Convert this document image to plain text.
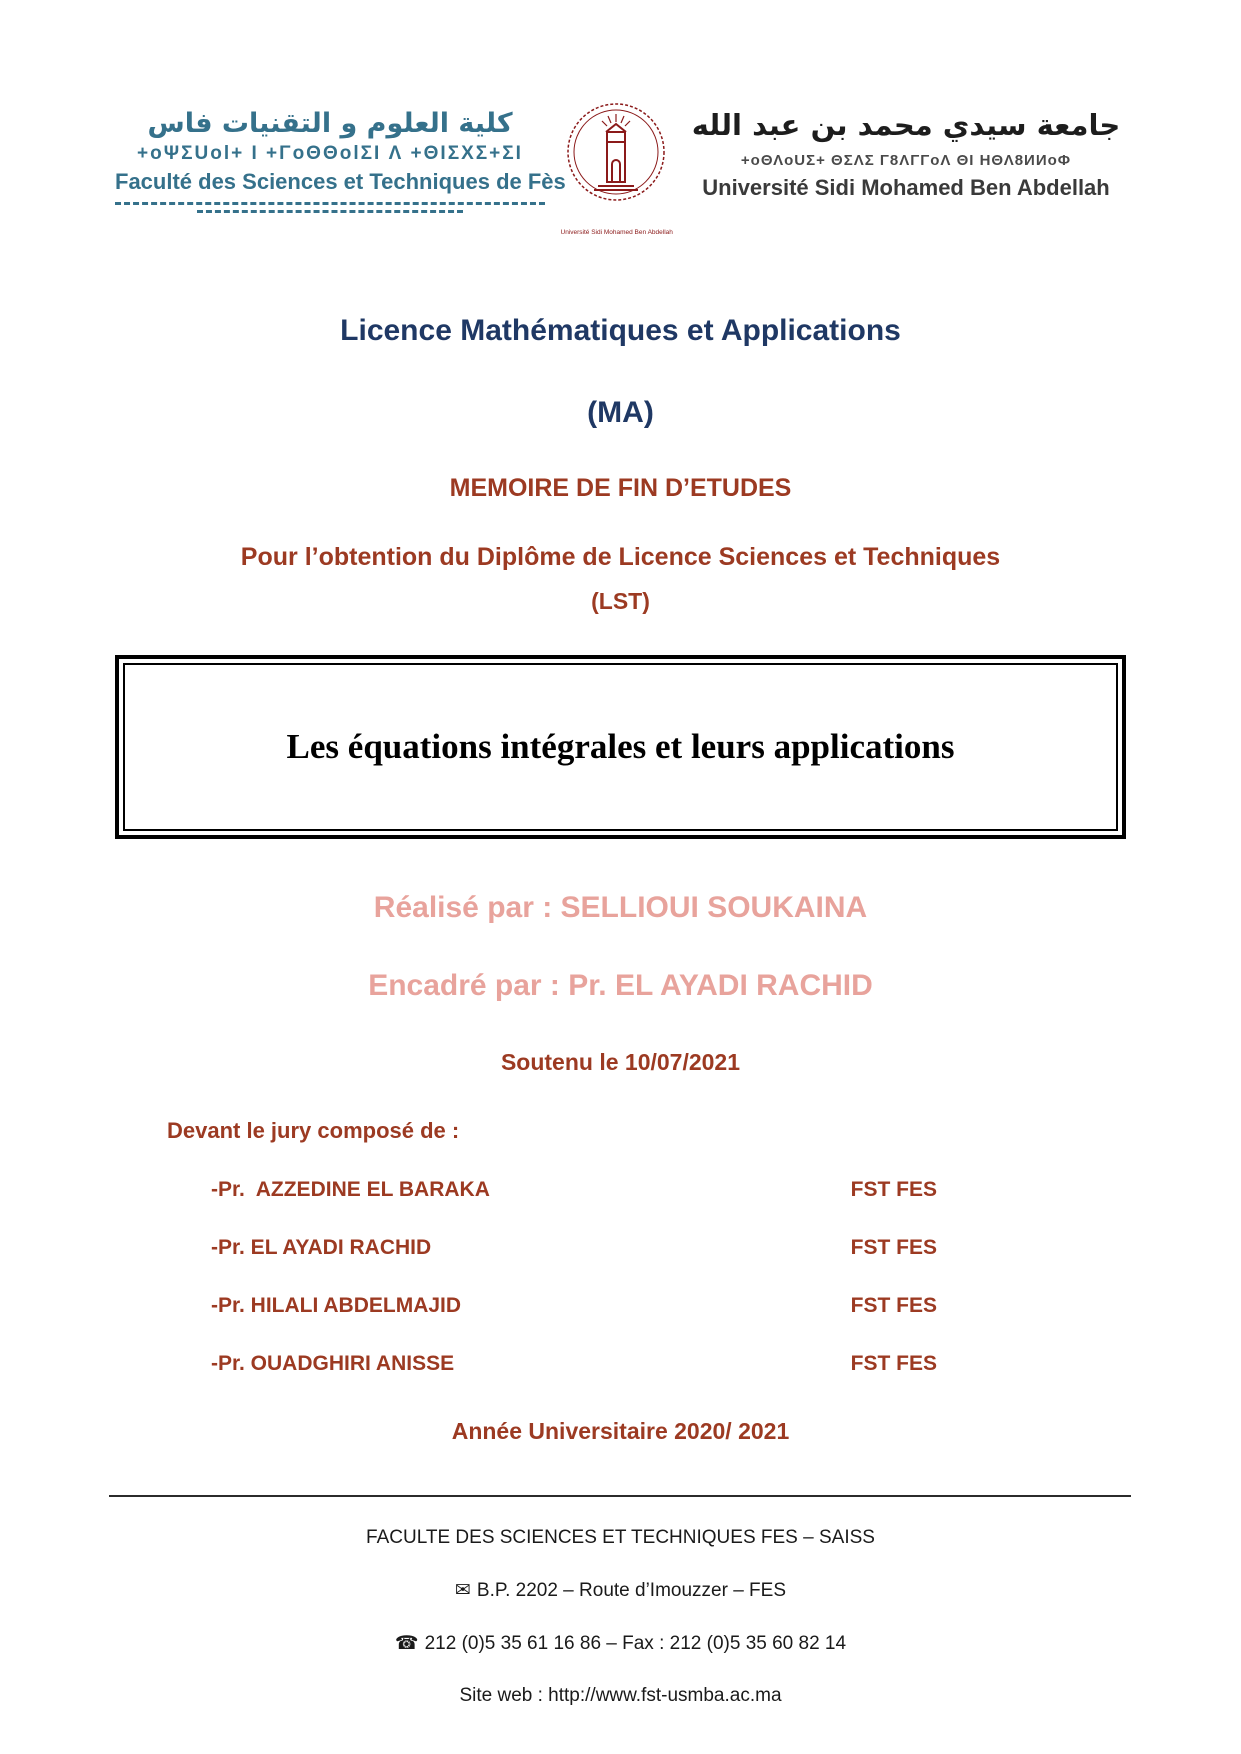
كلية العلوم و التقنيات فاس
+oΨΣUol+ I +ΓoΘΘolΣI Λ +ΘIΣΧΣ+ΣI
Faculté des Sciences et Techniques de Fès
Université Sidi Mohamed Ben Abdellah
جامعة سيدي محمد بن عبد الله
+oΘΛoUΣ+ ΘΣΛΣ Γ8ΛΓΓoΛ ΘI ΗΘΛ8ИИoΦ
Université Sidi Mohamed Ben Abdellah
Licence Mathématiques et Applications
(MA)
MEMOIRE DE FIN D’ETUDES
Pour l’obtention du Diplôme de Licence Sciences et Techniques
(LST)
Les équations intégrales et leurs applications
Réalisé par : SELLIOUI SOUKAINA
Encadré par : Pr. EL AYADI RACHID
Soutenu le 10/07/2021
Devant le jury composé de :
-Pr.  AZZEDINE EL BARAKA	FST FES
-Pr. EL AYADI RACHID	FST FES
-Pr. HILALI ABDELMAJID	FST FES
-Pr. OUADGHIRI ANISSE	FST FES
Année Universitaire 2020/ 2021
FACULTE DES SCIENCES ET TECHNIQUES FES – SAISS
✉ B.P. 2202 – Route d’Imouzzer – FES
☎ 212 (0)5 35 61 16 86 – Fax : 212 (0)5 35 60 82 14
Site web : http://www.fst-usmba.ac.ma
